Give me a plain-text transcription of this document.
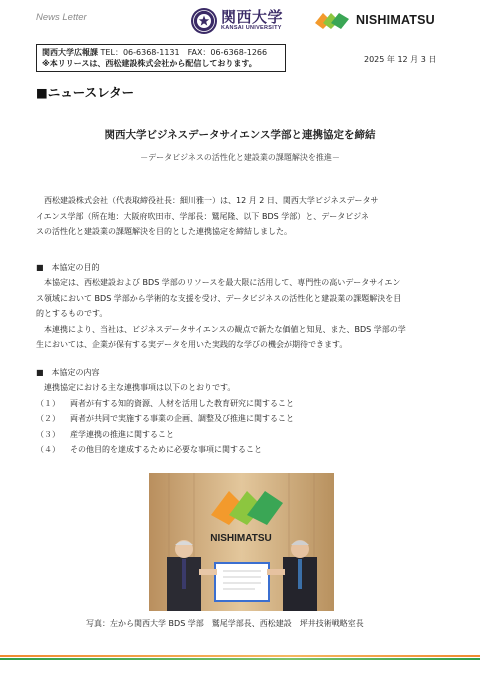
News Letter	関西大学
KANSAI UNIVERSITY
NISHIMATSU
関西大学広報課 TEL：06-6368-1131　FAX：06-6368-1266
※本リリースは、西松建設株式会社から配信しております。	2025 年 12 月 3 日
■ニュースレター
関西大学ビジネスデータサイエンス学部と連携協定を締結
－データビジネスの活性化と建設業の課題解決を推進－
西松建設株式会社（代表取締役社長：細川雅一）は、12 月 2 日、関西大学ビジネスデータサ
イエンス学部（所在地：大阪府吹田市、学部長：鷲尾隆、以下 BDS 学部）と、データビジネ
スの活性化と建設業の課題解決を目的とした連携協定を締結しました。
■　本協定の目的
本協定は、西松建設および BDS 学部のリソースを最大限に活用して、専門性の高いデータサイエン
ス領域において BDS 学部から学術的な支援を受け、データビジネスの活性化と建設業の課題解決を目
的とするものです。
本連携により、当社は、ビジネスデータサイエンスの観点で新たな価値と知見、また、BDS 学部の学
生においては、企業が保有する実データを用いた実践的な学びの機会が期待できます。
■　本協定の内容
連携協定における主な連携事項は以下のとおりです。
（１）	両者が有する知的資源、人材を活用した教育研究に関すること
（２）	両者が共同で実施する事業の企画、調整及び推進に関すること
（３）	産学連携の推進に関すること
（４）	その他目的を達成するために必要な事項に関すること
NISHIMATSU
写真：左から関西大学 BDS 学部　鷲尾学部長、西松建設　坪井技術戦略室長
